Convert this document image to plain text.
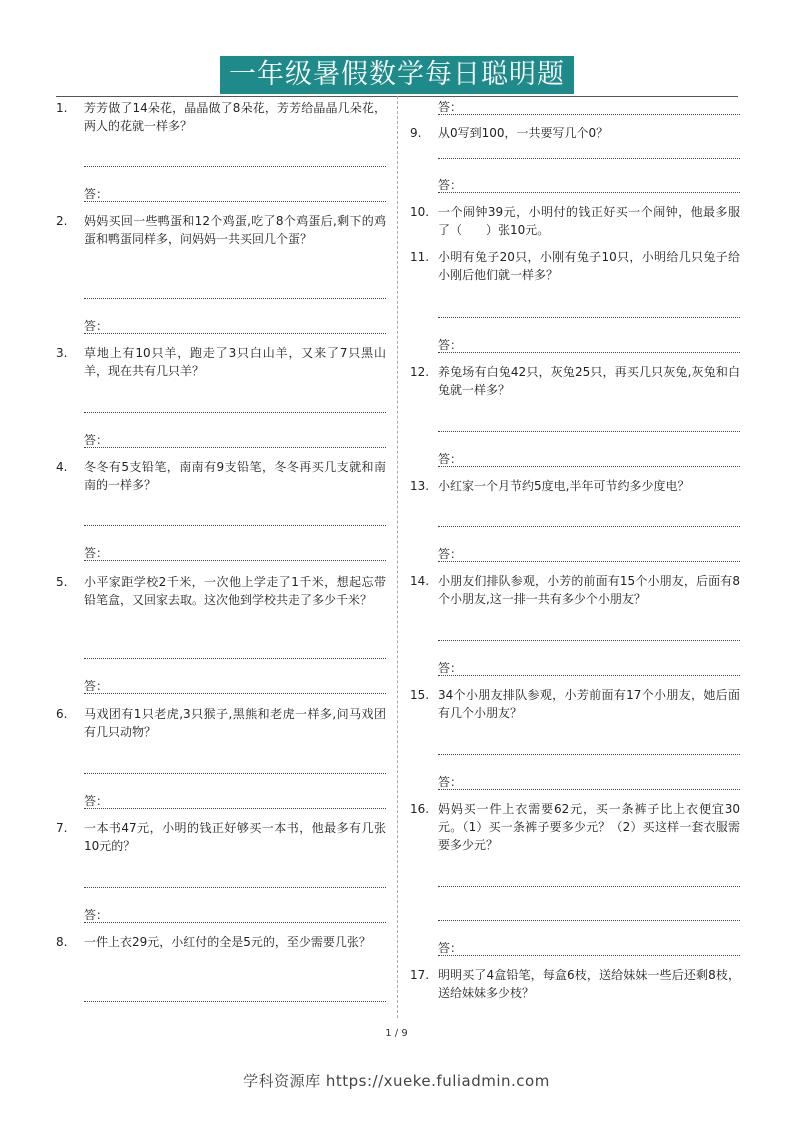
一年级暑假数学每日聪明题
1.	芳芳做了14朵花，晶晶做了8朵花，芳芳给晶晶几朵花，两人的花就一样多？
答：
2.	妈妈买回一些鸭蛋和12个鸡蛋,吃了8个鸡蛋后,剩下的鸡蛋和鸭蛋同样多，问妈妈一共买回几个蛋？
答：
3.	草地上有10只羊，跑走了3只白山羊，又来了7只黑山羊，现在共有几只羊？
答：
4.	冬冬有5支铅笔，南南有9支铅笔，冬冬再买几支就和南南的一样多？
答：
5.	小平家距学校2千米，一次他上学走了1千米，想起忘带铅笔盒，又回家去取。这次他到学校共走了多少千米？
答：
6.	马戏团有1只老虎,3只猴子,黑熊和老虎一样多,问马戏团有几只动物？
答：
7.	一本书47元，小明的钱正好够买一本书，他最多有几张10元的？
答：
8.	一件上衣29元，小红付的全是5元的，至少需要几张？
答：
9.	从0写到100，一共要写几个0？
答：
10. 一个闹钟39元，小明付的钱正好买一个闹钟，他最多服了（　　）张10元。
11. 小明有兔子20只，小刚有兔子10只，小明给几只兔子给小刚后他们就一样多？
答：
12. 养兔场有白兔42只，灰兔25只，再买几只灰兔,灰兔和白兔就一样多？
答：
13. 小红家一个月节约5度电,半年可节约多少度电？
答：
14. 小朋友们排队参观，小芳的前面有15个小朋友，后面有8个小朋友,这一排一共有多少个小朋友？
答：
15. 34个小朋友排队参观，小芳前面有17个小朋友，她后面有几个小朋友？
答：
16. 妈妈买一件上衣需要62元，买一条裤子比上衣便宜30元。（1）买一条裤子要多少元？（2）买这样一套衣服需要多少元？
答：
17. 明明买了4盒铅笔，每盒6枝，送给妹妹一些后还剩8枝，送给妹妹多少枝？
1 / 9
学科资源库 https://xueke.fuliadmin.com
